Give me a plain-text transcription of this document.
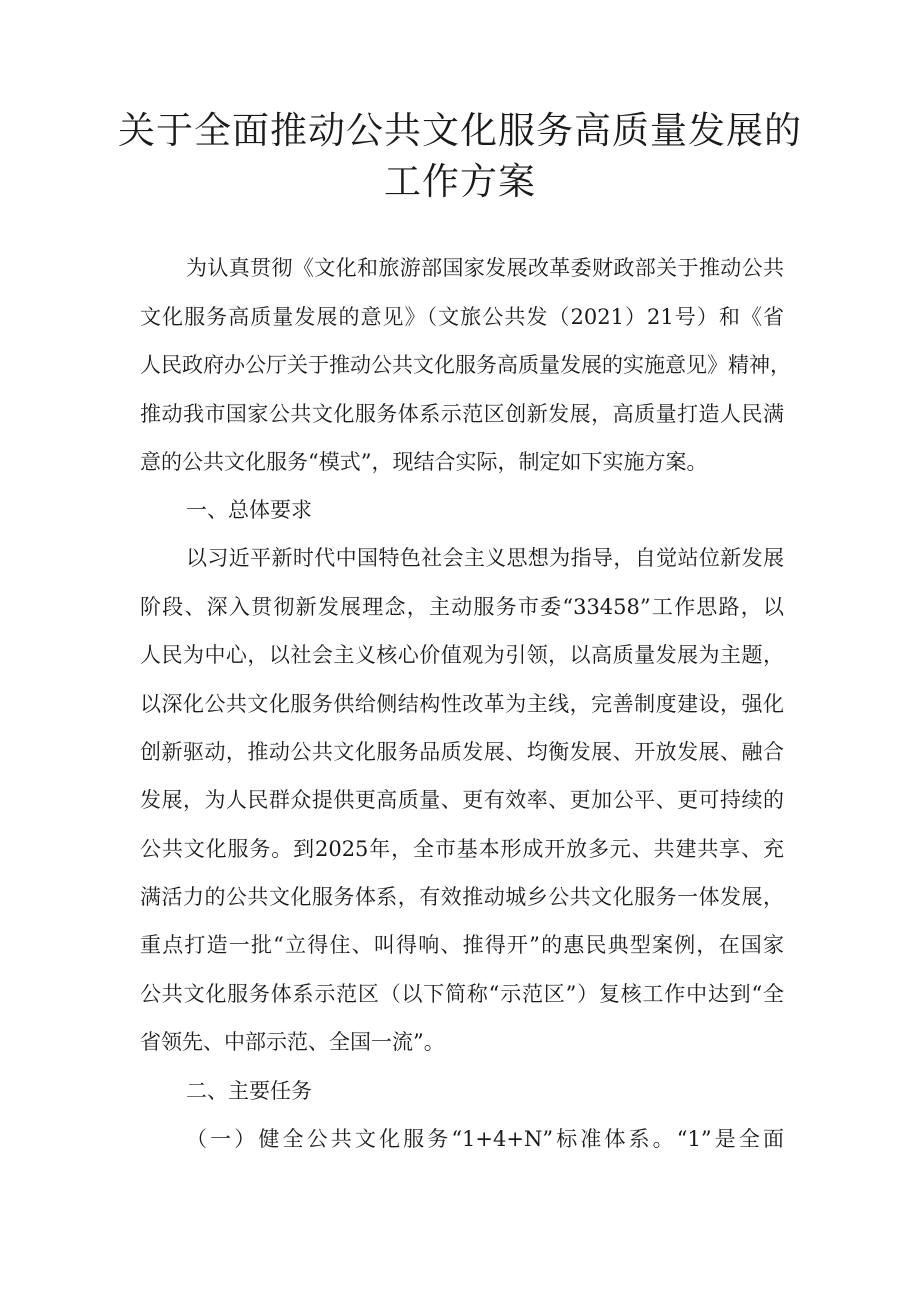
关于全面推动公共文化服务高质量发展的
工作方案
为认真贯彻《文化和旅游部国家发展改革委财政部关于推动公共
文化服务高质量发展的意见》（文旅公共发（2021）21号）和《省
人民政府办公厅关于推动公共文化服务高质量发展的实施意见》精神，
推动我市国家公共文化服务体系示范区创新发展，高质量打造人民满
意的公共文化服务“模式”，现结合实际，制定如下实施方案。
一、总体要求
以习近平新时代中国特色社会主义思想为指导，自觉站位新发展
阶段、深入贯彻新发展理念，主动服务市委“33458”工作思路，以
人民为中心，以社会主义核心价值观为引领，以高质量发展为主题，
以深化公共文化服务供给侧结构性改革为主线，完善制度建设，强化
创新驱动，推动公共文化服务品质发展、均衡发展、开放发展、融合
发展，为人民群众提供更高质量、更有效率、更加公平、更可持续的
公共文化服务。到2025年，全市基本形成开放多元、共建共享、充
满活力的公共文化服务体系，有效推动城乡公共文化服务一体发展，
重点打造一批“立得住、叫得响、推得开”的惠民典型案例，在国家
公共文化服务体系示范区（以下简称“示范区”）复核工作中达到“全
省领先、中部示范、全国一流”。
二、主要任务
（一）健全公共文化服务“1+4+N”标准体系。“1”是全面
